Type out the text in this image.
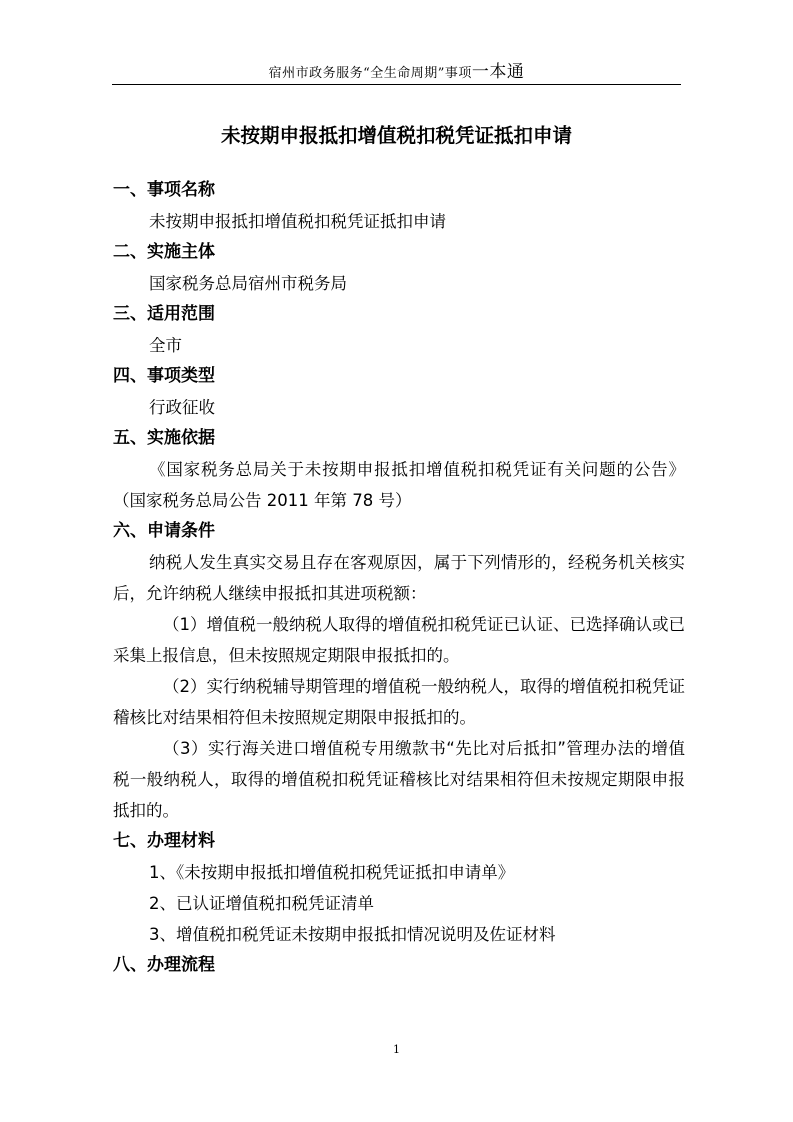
宿州市政务服务“全生命周期”事项一本通
未按期申报抵扣增值税扣税凭证抵扣申请
一、事项名称
未按期申报抵扣增值税扣税凭证抵扣申请
二、实施主体
国家税务总局宿州市税务局
三、适用范围
全市
四、事项类型
行政征收
五、实施依据
《国家税务总局关于未按期申报抵扣增值税扣税凭证有关问题的公告》（国家税务总局公告 2011 年第 78 号）
六、申请条件
纳税人发生真实交易且存在客观原因，属于下列情形的，经税务机关核实后，允许纳税人继续申报抵扣其进项税额：
（1）增值税一般纳税人取得的增值税扣税凭证已认证、已选择确认或已采集上报信息，但未按照规定期限申报抵扣的。
（2）实行纳税辅导期管理的增值税一般纳税人，取得的增值税扣税凭证稽核比对结果相符但未按照规定期限申报抵扣的。
（3）实行海关进口增值税专用缴款书“先比对后抵扣”管理办法的增值税一般纳税人，取得的增值税扣税凭证稽核比对结果相符但未按规定期限申报抵扣的。
七、办理材料
1、《未按期申报抵扣增值税扣税凭证抵扣申请单》
2、已认证增值税扣税凭证清单
3、增值税扣税凭证未按期申报抵扣情况说明及佐证材料
八、办理流程
1
